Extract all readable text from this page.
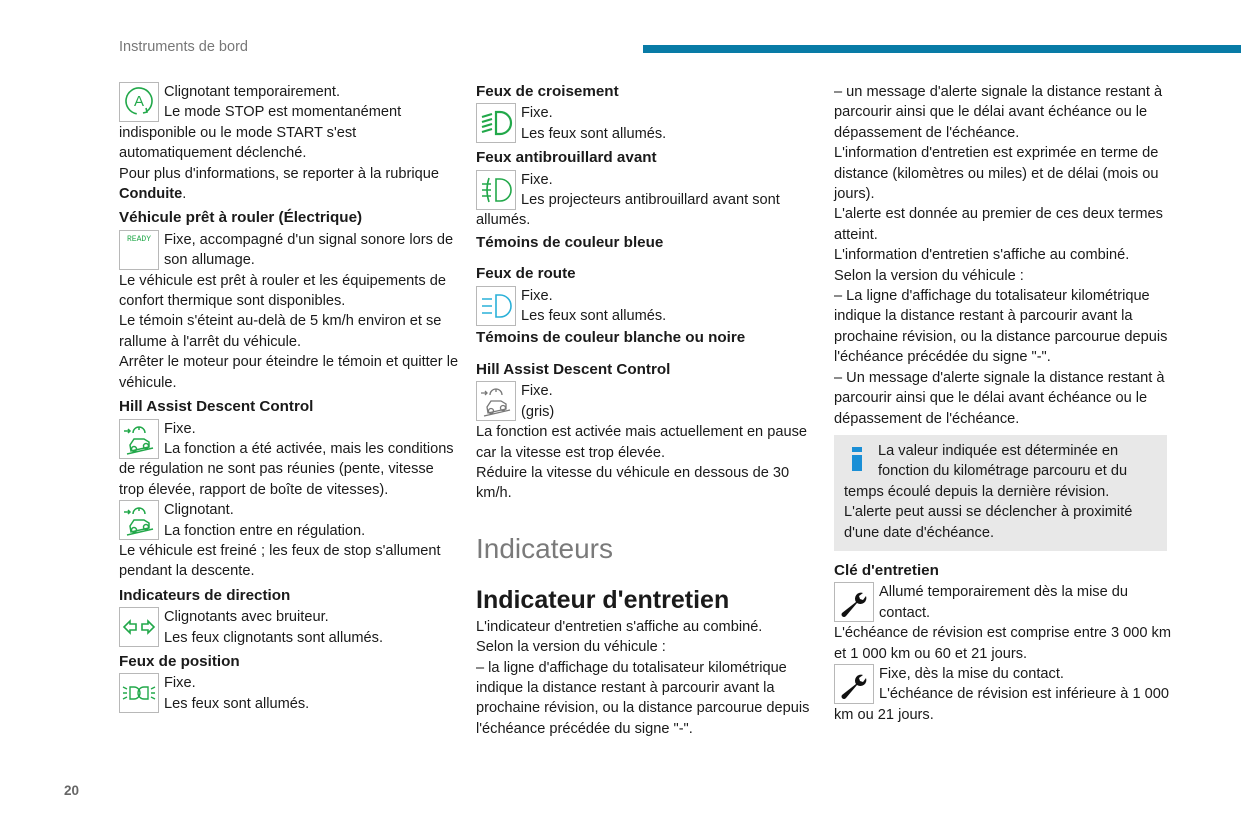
Instruments de bord
A

Clignotant temporairement.

Le mode STOP est momentanément indisponible ou le mode START s'est automatiquement déclenché.

Pour plus d'informations, se reporter à la rubrique Conduite.

Véhicule prêt à rouler (Électrique)

READY Fixe, accompagné d'un signal sonore lors de son allumage.

Le véhicule est prêt à rouler et les équipements de confort thermique sont disponibles.

Le témoin s'éteint au-delà de 5 km/h environ et se rallume à l'arrêt du véhicule.

Arrêter le moteur pour éteindre le témoin et quitter le véhicule.

Hill Assist Descent Control

Fixe.

La fonction a été activée, mais les conditions de régulation ne sont pas réunies (pente, vitesse trop élevée, rapport de boîte de vitesses).

Clignotant.

La fonction entre en régulation.

Le véhicule est freiné ; les feux de stop s'allument pendant la descente.

Indicateurs de direction

Clignotants avec bruiteur.

Les feux clignotants sont allumés.

Feux de position

Fixe.

Les feux sont allumés.

Feux de croisement

Fixe.

Les feux sont allumés.

Feux antibrouillard avant

Fixe.

Les projecteurs antibrouillard avant sont allumés.

Témoins de couleur bleue

Feux de route

Fixe.

Les feux sont allumés.

Témoins de couleur blanche ou noire

Hill Assist Descent Control

Fixe.

(gris)

La fonction est activée mais actuellement en pause car la vitesse est trop élevée.

Réduire la vitesse du véhicule en dessous de 30 km/h.

Indicateurs
Indicateur d'entretien

L'indicateur d'entretien s'affiche au combiné.

Selon la version du véhicule :

– la ligne d'affichage du totalisateur kilométrique indique la distance restant à parcourir avant la prochaine révision, ou la distance parcourue depuis l'échéance précédée du signe "-".

– un message d'alerte signale la distance restant à parcourir ainsi que le délai avant échéance ou le dépassement de l'échéance.

L'information d'entretien est exprimée en terme de distance (kilomètres ou miles) et de délai (mois ou jours).

L'alerte est donnée au premier de ces deux termes atteint.

L'information d'entretien s'affiche au combiné.

Selon la version du véhicule :

– La ligne d'affichage du totalisateur kilométrique indique la distance restant à parcourir avant la prochaine révision, ou la distance parcourue depuis l'échéance précédée du signe "-".

– Un message d'alerte signale la distance restant à parcourir ainsi que le délai avant échéance ou le dépassement de l'échéance.

La valeur indiquée est déterminée en fonction du kilométrage parcouru et du temps écoulé depuis la dernière révision.

L'alerte peut aussi se déclencher à proximité d'une date d'échéance.

Clé d'entretien

Allumé temporairement dès la mise du contact.

L'échéance de révision est comprise entre 3 000 km et 1 000 km ou 60 et 21 jours.

Fixe, dès la mise du contact.

L'échéance de révision est inférieure à 1 000 km ou 21 jours.

20
